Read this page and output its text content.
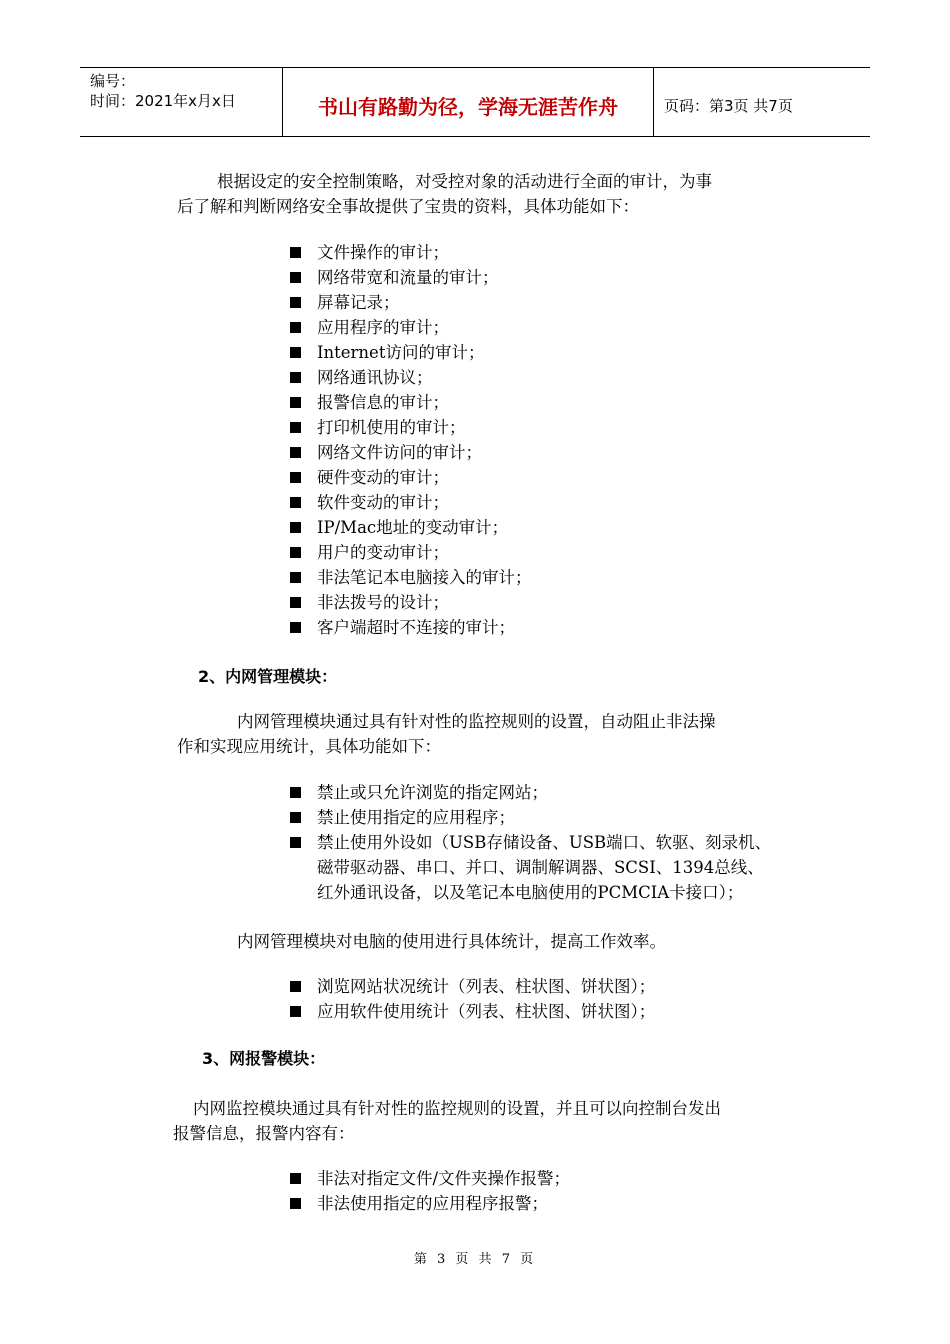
编号：
时间：2021年x月x日	书山有路勤为径，学海无涯苦作舟	页码：第3页 共7页
根据设定的安全控制策略，对受控对象的活动进行全面的审计，为事
后了解和判断网络安全事故提供了宝贵的资料，具体功能如下：
文件操作的审计；
网络带宽和流量的审计；
屏幕记录；
应用程序的审计；
Internet访问的审计；
网络通讯协议；
报警信息的审计；
打印机使用的审计；
网络文件访问的审计；
硬件变动的审计；
软件变动的审计；
IP/Mac地址的变动审计；
用户的变动审计；
非法笔记本电脑接入的审计；
非法拨号的设计；
客户端超时不连接的审计；
2、内网管理模块：
内网管理模块通过具有针对性的监控规则的设置，自动阻止非法操
作和实现应用统计，具体功能如下：
禁止或只允许浏览的指定网站；
禁止使用指定的应用程序；
禁止使用外设如（USB存储设备、USB端口、软驱、刻录机、
磁带驱动器、串口、并口、调制解调器、SCSI、1394总线、
红外通讯设备，以及笔记本电脑使用的PCMCIA卡接口）；
内网管理模块对电脑的使用进行具体统计，提高工作效率。
浏览网站状况统计（列表、柱状图、饼状图）；
应用软件使用统计（列表、柱状图、饼状图）；
3、网报警模块：
内网监控模块通过具有针对性的监控规则的设置，并且可以向控制台发出
报警信息，报警内容有：
非法对指定文件/文件夹操作报警；
非法使用指定的应用程序报警；
第 3 页 共 7 页
